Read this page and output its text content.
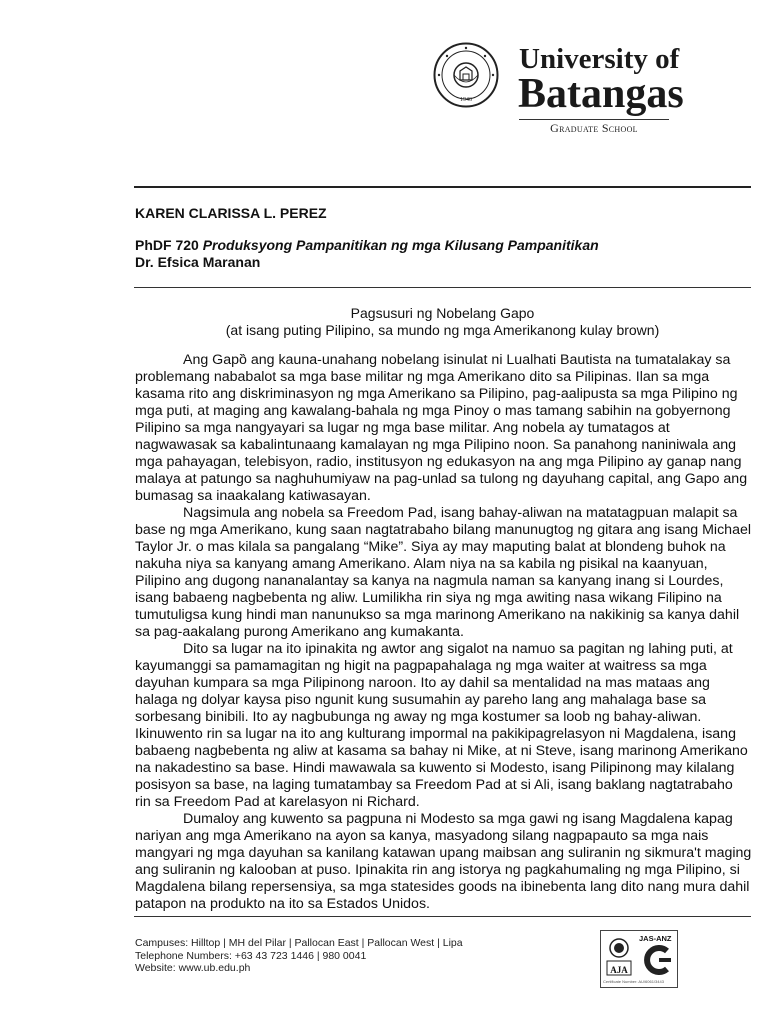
1946
University of
Batangas
Graduate School
KAREN CLARISSA L. PEREZ
PhDF 720 Produksyong Pampanitikan ng mga Kilusang Pampanitikan
Dr. Efsica Maranan
Pagsusuri ng Nobelang Gapo
(at isang puting Pilipino, sa mundo ng mga Amerikanong kulay brown)

Ang Gapȍ ang kauna-unahang nobelang isinulat ni Lualhati Bautista na tumatalakay sa problemang nababalot sa mga base militar ng mga Amerikano dito sa Pilipinas. Ilan sa mga kasama rito ang diskriminasyon ng mga Amerikano sa Pilipino, pag-aalipusta sa mga Pilipino ng mga puti, at maging ang kawalang-bahala ng mga Pinoy o mas tamang sabihin na gobyernong Pilipino sa mga nangyayari sa lugar ng mga base militar. Ang nobela ay tumatagos at nagwawasak sa kabalintunaang kamalayan ng mga Pilipino noon. Sa panahong naniniwala ang mga pahayagan, telebisyon, radio, institusyon ng edukasyon na ang mga Pilipino ay ganap nang malaya at patungo sa naghuhumiyaw na pag-unlad sa tulong ng dayuhang capital, ang Gapo ang bumasag sa inaakalang katiwasayan.

Nagsimula ang nobela sa Freedom Pad, isang bahay-aliwan na matatagpuan malapit sa base ng mga Amerikano, kung saan nagtatrabaho bilang manunugtog ng gitara ang isang Michael Taylor Jr. o mas kilala sa pangalang “Mike”. Siya ay may maputing balat at blondeng buhok na nakuha niya sa kanyang amang Amerikano. Alam niya na sa kabila ng pisikal na kaanyuan, Pilipino ang dugong nananalantay sa kanya na nagmula naman sa kanyang inang si Lourdes, isang babaeng nagbebenta ng aliw. Lumilikha rin siya ng mga awiting nasa wikang Filipino na tumutuligsa kung hindi man nanunukso sa mga marinong Amerikano na nakikinig sa kanya dahil sa pag-aakalang purong Amerikano ang kumakanta.

Dito sa lugar na ito ipinakita ng awtor ang sigalot na namuo sa pagitan ng lahing puti, at kayumanggi sa pamamagitan ng higit na pagpapahalaga ng mga waiter at waitress sa mga dayuhan kumpara sa mga Pilipinong naroon. Ito ay dahil sa mentalidad na mas mataas ang halaga ng dolyar kaysa piso ngunit kung susumahin ay pareho lang ang mahalaga base sa sorbesang binibili. Ito ay nagbubunga ng away ng mga kostumer sa loob ng bahay-aliwan. Ikinuwento rin sa lugar na ito ang kulturang impormal na pakikipagrelasyon ni Magdalena, isang babaeng nagbebenta ng aliw at kasama sa bahay ni Mike, at ni Steve, isang marinong Amerikano na nakadestino sa base. Hindi mawawala sa kuwento si Modesto, isang Pilipinong may kilalang posisyon sa base, na laging tumatambay sa Freedom Pad at si Ali, isang baklang nagtatrabaho rin sa Freedom Pad at karelasyon ni Richard.

Dumaloy ang kuwento sa pagpuna ni Modesto sa mga gawi ng isang Magdalena kapag nariyan ang mga Amerikano na ayon sa kanya, masyadong silang nagpapauto sa mga nais mangyari ng mga dayuhan sa kanilang katawan upang maibsan ang suliranin ng sikmura't maging ang suliranin ng kalooban at puso. Ipinakita rin ang istorya ng pagkahumaling ng mga Pilipino, si Magdalena bilang repersensiya, sa mga statesides goods na ibinebenta lang dito nang mura dahil patapon na produkto na ito sa Estados Unidos.

Campuses: Hilltop | MH del Pilar | Pallocan East | Pallocan West | Lipa
Telephone Numbers: +63 43 723 1446 | 980 0041
Website: www.ub.edu.ph	AJA
JAS-ANZ
Certificate Number: AU/6061/3443
